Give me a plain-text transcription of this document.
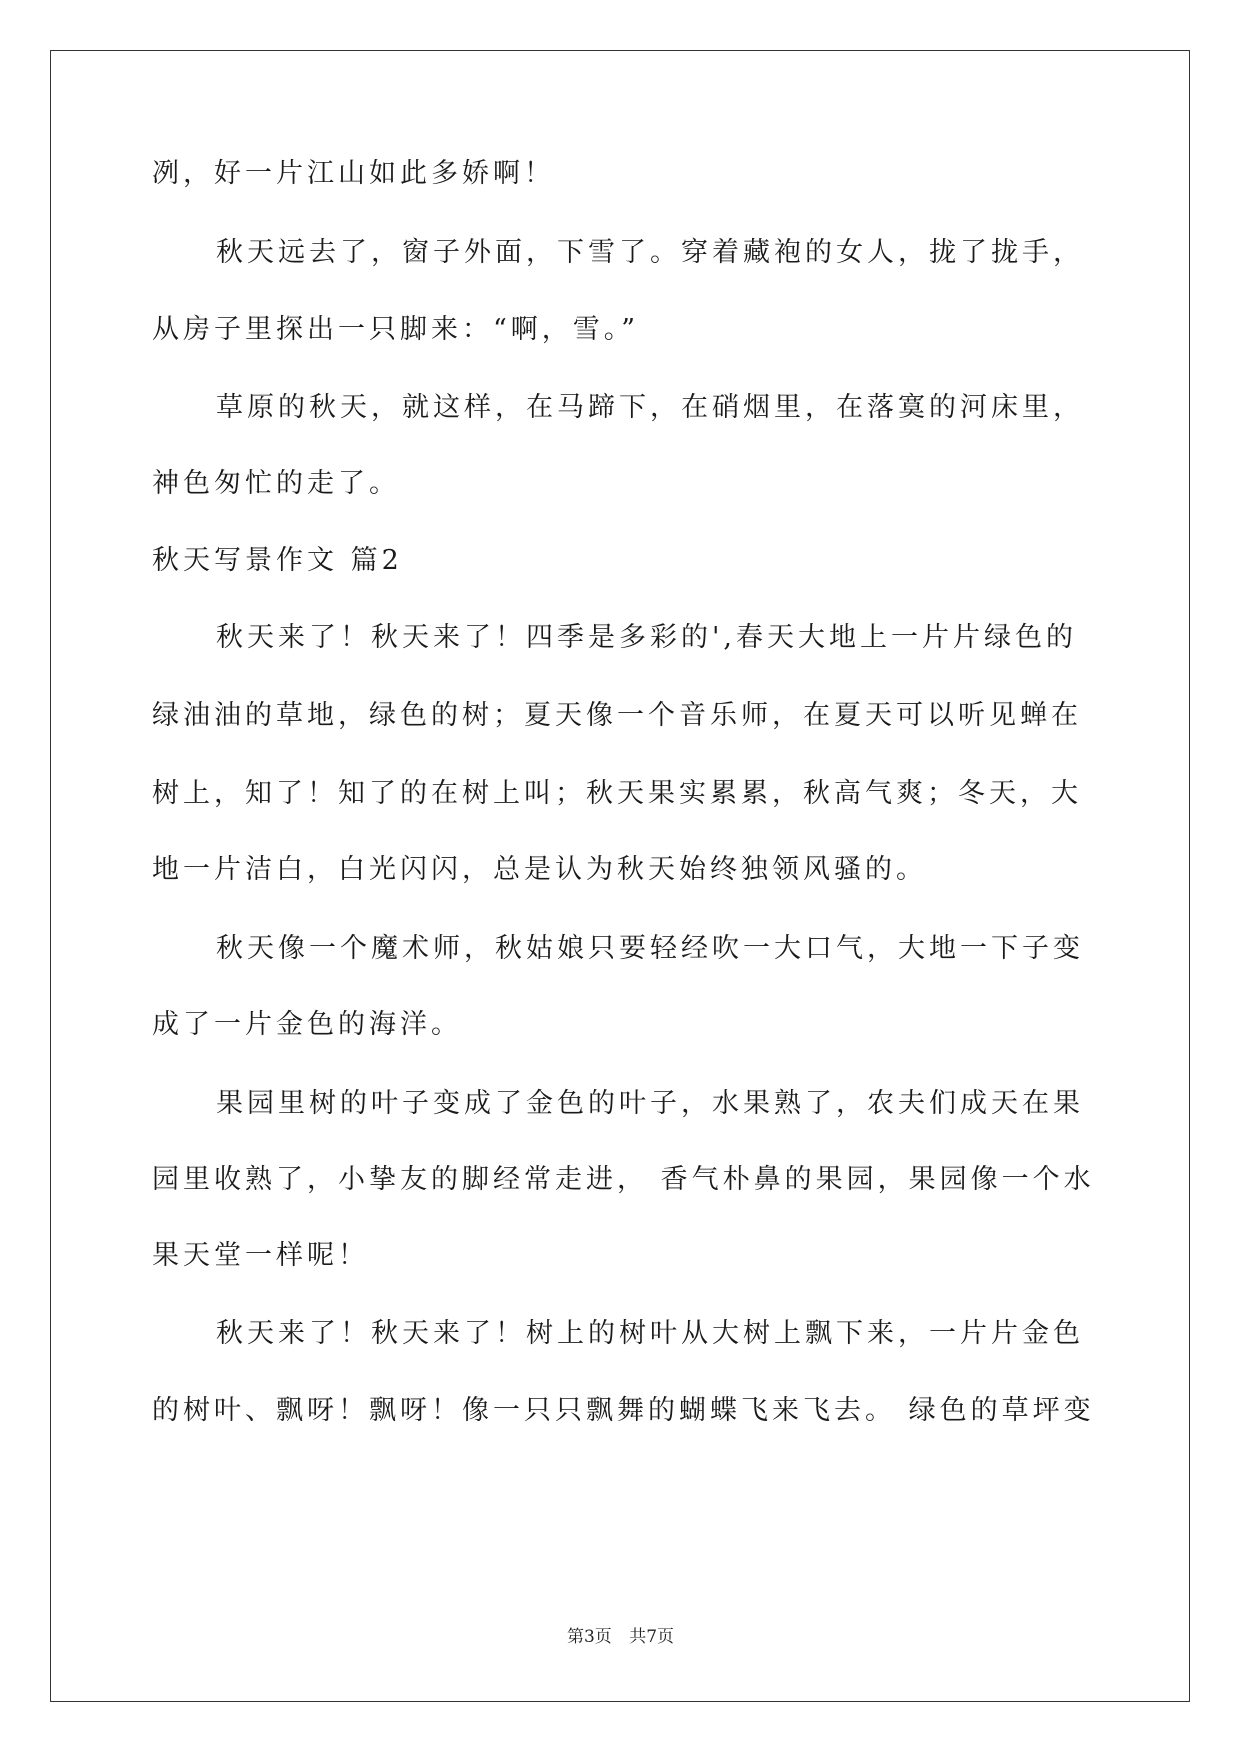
冽，好一片江山如此多娇啊！
秋天远去了，窗子外面，下雪了。穿着藏袍的女人，拢了拢手，
从房子里探出一只脚来：“啊，雪。”
草原的秋天，就这样，在马蹄下，在硝烟里，在落寞的河床里，
神色匆忙的走了。
秋天写景作文 篇2
秋天来了！秋天来了！四季是多彩的',春天大地上一片片绿色的
绿油油的草地，绿色的树；夏天像一个音乐师，在夏天可以听见蝉在
树上，知了！知了的在树上叫；秋天果实累累，秋高气爽；冬天，大
地一片洁白，白光闪闪，总是认为秋天始终独领风骚的。
秋天像一个魔术师，秋姑娘只要轻经吹一大口气，大地一下子变
成了一片金色的海洋。
果园里树的叶子变成了金色的叶子，水果熟了，农夫们成天在果
园里收熟了，小挚友的脚经常走进， 香气朴鼻的果园，果园像一个水
果天堂一样呢！
秋天来了！秋天来了！树上的树叶从大树上飘下来，一片片金色
的树叶、飘呀！飘呀！像一只只飘舞的蝴蝶飞来飞去。 绿色的草坪变
第3页 共7页
